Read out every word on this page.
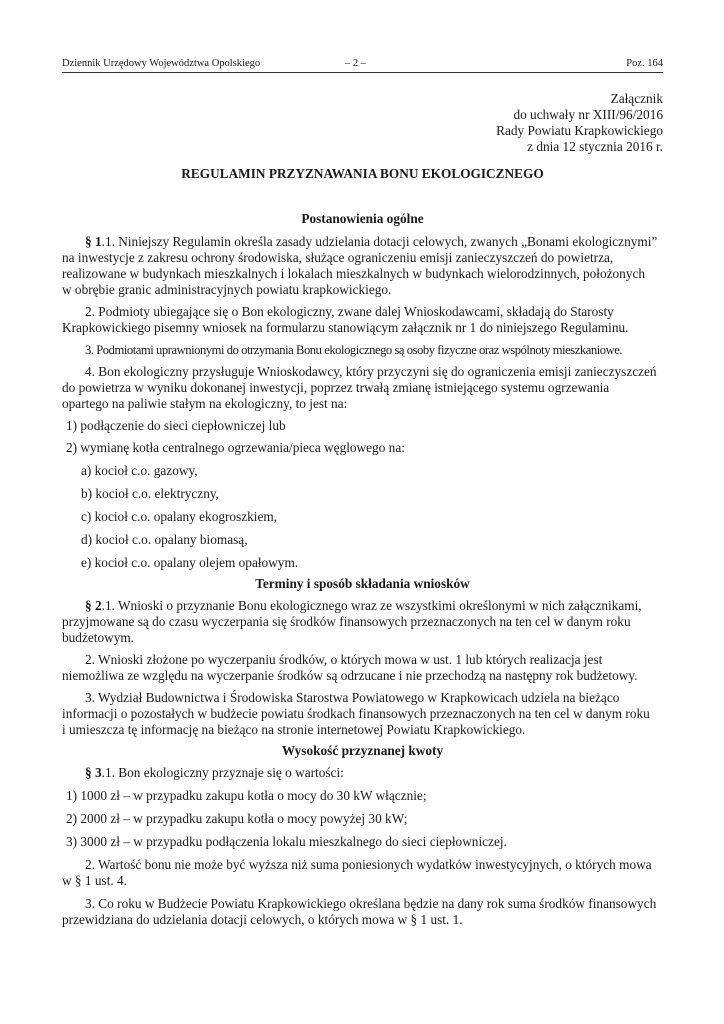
Dziennik Urzędowy Województwa Opolskiego	– 2 –	Poz. 164
Załącznik
do uchwały nr XIII/96/2016
Rady Powiatu Krapkowickiego
z dnia 12 stycznia 2016 r.
REGULAMIN PRZYZNAWANIA BONU EKOLOGICZNEGO
Postanowienia ogólne

§ 1.1. Niniejszy Regulamin określa zasady udzielania dotacji celowych, zwanych „Bonami ekologicznymi”
na inwestycje z zakresu ochrony środowiska, służące ograniczeniu emisji zanieczyszczeń do powietrza,
realizowane w budynkach mieszkalnych i lokalach mieszkalnych w budynkach wielorodzinnych, położonych
w obrębie granic administracyjnych powiatu krapkowickiego.

2. Podmioty ubiegające się o Bon ekologiczny, zwane dalej Wnioskodawcami, składają do Starosty
Krapkowickiego pisemny wniosek na formularzu stanowiącym załącznik nr 1 do niniejszego Regulaminu.

3. Podmiotami uprawnionymi do otrzymania Bonu ekologicznego są osoby fizyczne oraz wspólnoty mieszkaniowe.

4. Bon ekologiczny przysługuje Wnioskodawcy, który przyczyni się do ograniczenia emisji zanieczyszczeń
do powietrza w wyniku dokonanej inwestycji, poprzez trwałą zmianę istniejącego systemu ogrzewania
opartego na paliwie stałym na ekologiczny, to jest na:

1) podłączenie do sieci ciepłowniczej lub
2) wymianę kotła centralnego ogrzewania/pieca węglowego na:
a) kocioł c.o. gazowy,
b) kocioł c.o. elektryczny,
c) kocioł c.o. opalany ekogroszkiem,
d) kocioł c.o. opalany biomasą,
e) kocioł c.o. opalany olejem opałowym.
Terminy i sposób składania wniosków

§ 2.1. Wnioski o przyznanie Bonu ekologicznego wraz ze wszystkimi określonymi w nich załącznikami,
przyjmowane są do czasu wyczerpania się środków finansowych przeznaczonych na ten cel w danym roku
budżetowym.

2. Wnioski złożone po wyczerpaniu środków, o których mowa w ust. 1 lub których realizacja jest
niemożliwa ze względu na wyczerpanie środków są odrzucane i nie przechodzą na następny rok budżetowy.

3. Wydział Budownictwa i Środowiska Starostwa Powiatowego w Krapkowicach udziela na bieżąco
informacji o pozostałych w budżecie powiatu środkach finansowych przeznaczonych na ten cel w danym roku
i umieszcza tę informację na bieżąco na stronie internetowej Powiatu Krapkowickiego.

Wysokość przyznanej kwoty

§ 3.1. Bon ekologiczny przyznaje się o wartości:

1) 1000 zł – w przypadku zakupu kotła o mocy do 30 kW włącznie;
2) 2000 zł – w przypadku zakupu kotła o mocy powyżej 30 kW;
3) 3000 zł – w przypadku podłączenia lokalu mieszkalnego do sieci ciepłowniczej.

2. Wartość bonu nie może być wyższa niż suma poniesionych wydatków inwestycyjnych, o których mowa
w § 1 ust. 4.

3. Co roku w Budżecie Powiatu Krapkowickiego określana będzie na dany rok suma środków finansowych
przewidziana do udzielania dotacji celowych, o których mowa w § 1 ust. 1.
